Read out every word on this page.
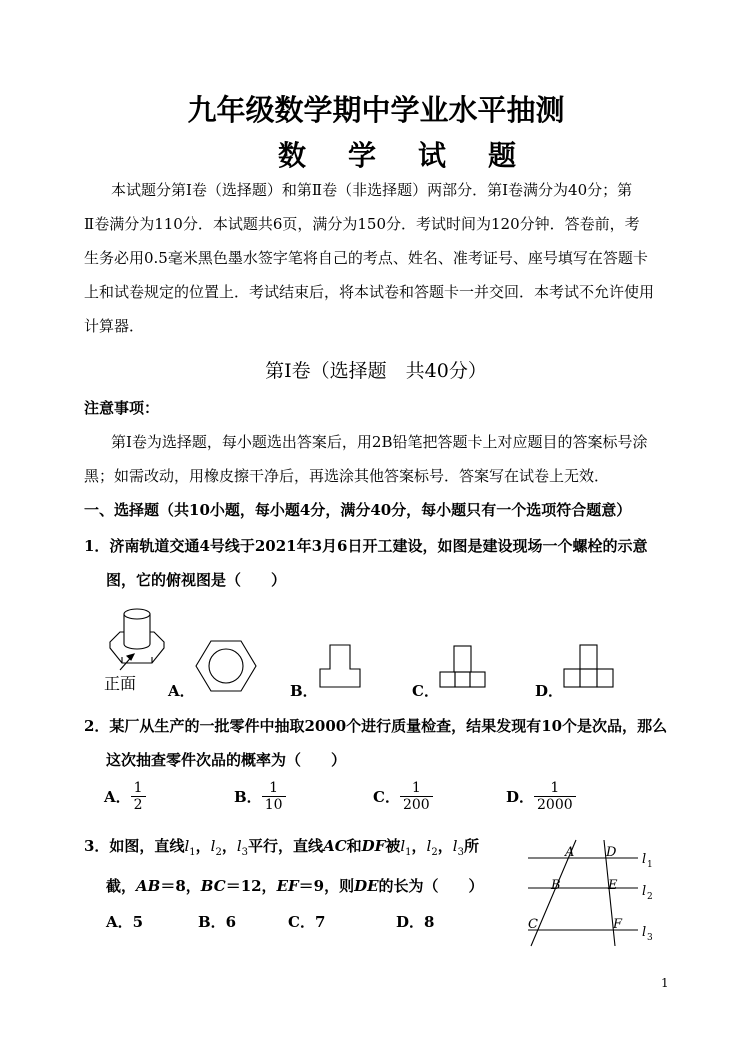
九年级数学期中学业水平抽测
数学试题
本试题分第Ⅰ卷（选择题）和第Ⅱ卷（非选择题）两部分．第Ⅰ卷满分为40分；第
Ⅱ卷满分为110分．本试题共6页，满分为150分．考试时间为120分钟．答卷前，考
生务必用0.5毫米黑色墨水签字笔将自己的考点、姓名、准考证号、座号填写在答题卡
上和试卷规定的位置上．考试结束后，将本试卷和答题卡一并交回．本考试不允许使用
计算器．
第Ⅰ卷（选择题　共40分）
注意事项：
第Ⅰ卷为选择题，每小题选出答案后，用2B铅笔把答题卡上对应题目的答案标号涂
黑；如需改动，用橡皮擦干净后，再选涂其他答案标号．答案写在试卷上无效．
一、选择题（共10小题，每小题4分，满分40分，每小题只有一个选项符合题意）
1．济南轨道交通4号线于2021年3月6日开工建设，如图是建设现场一个螺栓的示意
图，它的俯视图是（　　）
正面 A．	B．	C．	D．
2．某厂从生产的一批零件中抽取2000个进行质量检查，结果发现有10个是次品，那么
这次抽查零件次品的概率为（　　）
A． $\frac{1}{2}$	B． $\frac{1}{10}$	C． $\frac{1}{200}$	D． $\frac{1}{2000}$
3．如图，直线$l_1$，$l_2$，$l_3$平行，直线AC和DF被$l_1$，$l_2$，$l_3$所
截，AB＝8，BC＝12，EF＝9，则DE的长为（　　）
A．5	B．6	C．7	D．8
A D
B	E
C	F
l
l
l
1
2
3
1
